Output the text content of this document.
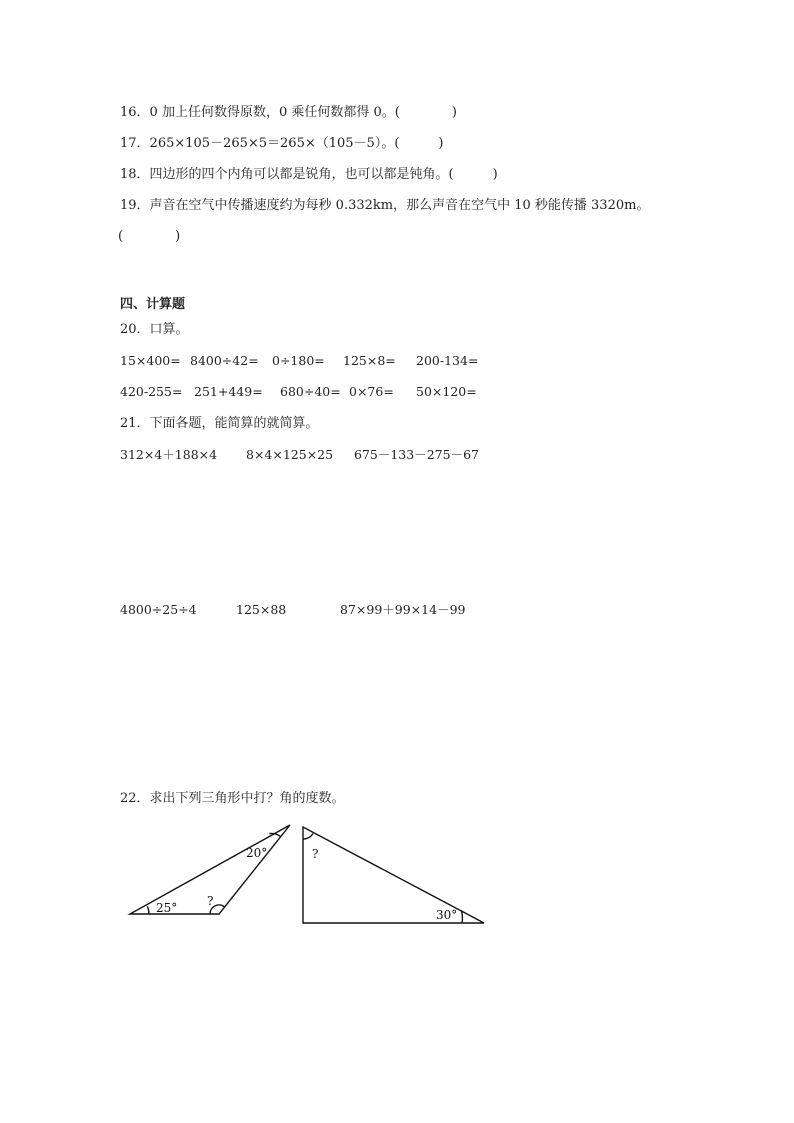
16．0 加上任何数得原数，0 乘任何数都得 0。(　　　　)
17．265×105－265×5＝265×（105－5）。(　　　)
18．四边形的四个内角可以都是锐角，也可以都是钝角。(　　　)
19．声音在空气中传播速度约为每秒 0.332km，那么声音在空气中 10 秒能传播 3320m。
(　　　　)
四、计算题
20．口算。
15×400= 8400÷42= 0÷180= 125×8= 200-134=
420-255= 251+449= 680÷40= 0×76= 50×120=
21．下面各题，能简算的就简算。
312×4＋188×4 8×4×125×25 675－133－275－67
4800÷25÷4	125×88	87×99＋99×14－99
22．求出下列三角形中打？角的度数。
25°
20°
?
?
30°
